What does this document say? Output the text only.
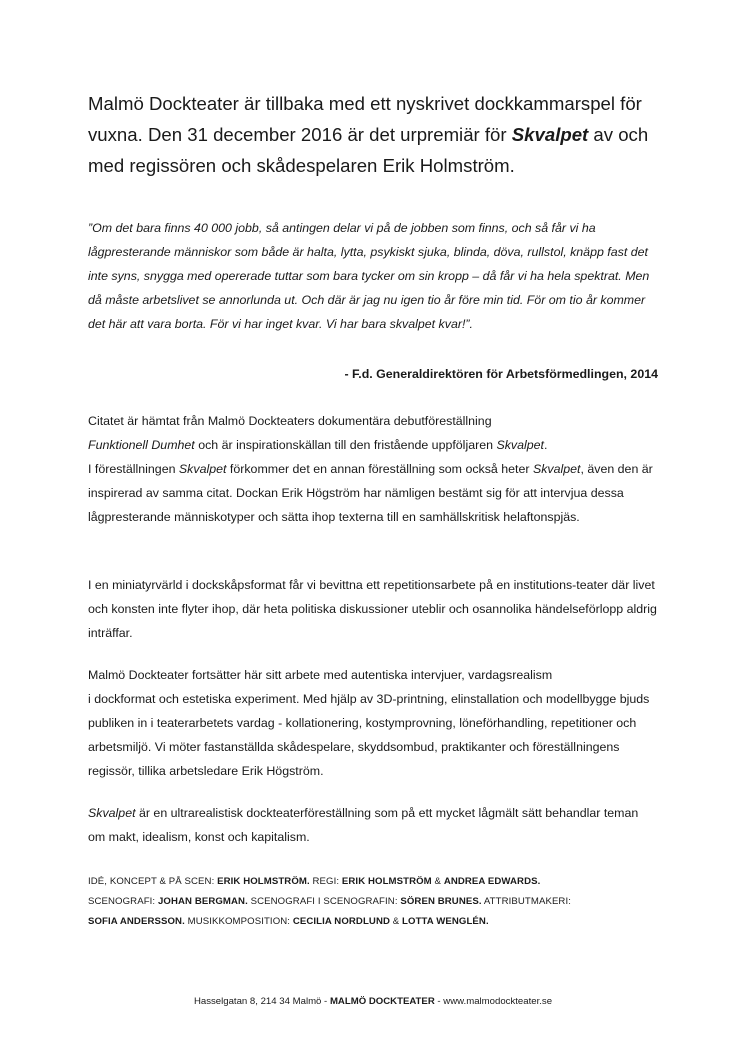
Malmö Dockteater är tillbaka med ett nyskrivet dockkammarspel för vuxna. Den 31 december 2016 är det urpremiär för Skvalpet av och med regissören och skådespelaren Erik Holmström.

”Om det bara finns 40 000 jobb, så antingen delar vi på de jobben som finns, och så får vi ha lågpresterande människor som både är halta, lytta, psykiskt sjuka, blinda, döva, rullstol, knäpp fast det inte syns, snygga med opererade tuttar som bara tycker om sin kropp – då får vi ha hela spektrat. Men då måste arbetslivet se annorlunda ut. Och där är jag nu igen tio år före min tid. För om tio år kommer det här att vara borta. För vi har inget kvar. Vi har bara skvalpet kvar!”.

- F.d. Generaldirektören för Arbetsförmedlingen, 2014

Citatet är hämtat från Malmö Dockteaters dokumentära debutföreställning
Funktionell Dumhet och är inspirationskällan till den fristående uppföljaren Skvalpet.
I föreställningen Skvalpet förkommer det en annan föreställning som också heter Skvalpet, även den är inspirerad av samma citat. Dockan Erik Högström har nämligen bestämt sig för att intervjua dessa lågpresterande människotyper och sätta ihop texterna till en samhällskritisk helaftonspjäs.

I en miniatyrvärld i dockskåpsformat får vi bevittna ett repetitionsarbete på en institutions-teater där livet och konsten inte flyter ihop, där heta politiska diskussioner uteblir och osannolika händelseförlopp aldrig inträffar.

Malmö Dockteater fortsätter här sitt arbete med autentiska intervjuer, vardagsrealism
i dockformat och estetiska experiment. Med hjälp av 3D-printning, elinstallation och modellbygge bjuds publiken in i teaterarbetets vardag - kollationering, kostymprovning, löneförhandling, repetitioner och arbetsmiljö. Vi möter fastanställda skådespelare, skyddsombud, praktikanter och föreställningens regissör, tillika arbetsledare Erik Högström.

Skvalpet är en ultrarealistisk dockteaterföreställning som på ett mycket lågmält sätt behandlar teman om makt, idealism, konst och kapitalism.

IDÉ, KONCEPT & PÅ SCEN: ERIK HOLMSTRÖM. REGI: ERIK HOLMSTRÖM & ANDREA EDWARDS.
SCENOGRAFI: JOHAN BERGMAN. SCENOGRAFI I SCENOGRAFIN: SÖREN BRUNES. ATTRIBUTMAKERI:
SOFIA ANDERSSON. MUSIKKOMPOSITION: CECILIA NORDLUND & LOTTA WENGLÉN.

Hasselgatan 8, 214 34 Malmö - MALMÖ DOCKTEATER - www.malmodockteater.se
